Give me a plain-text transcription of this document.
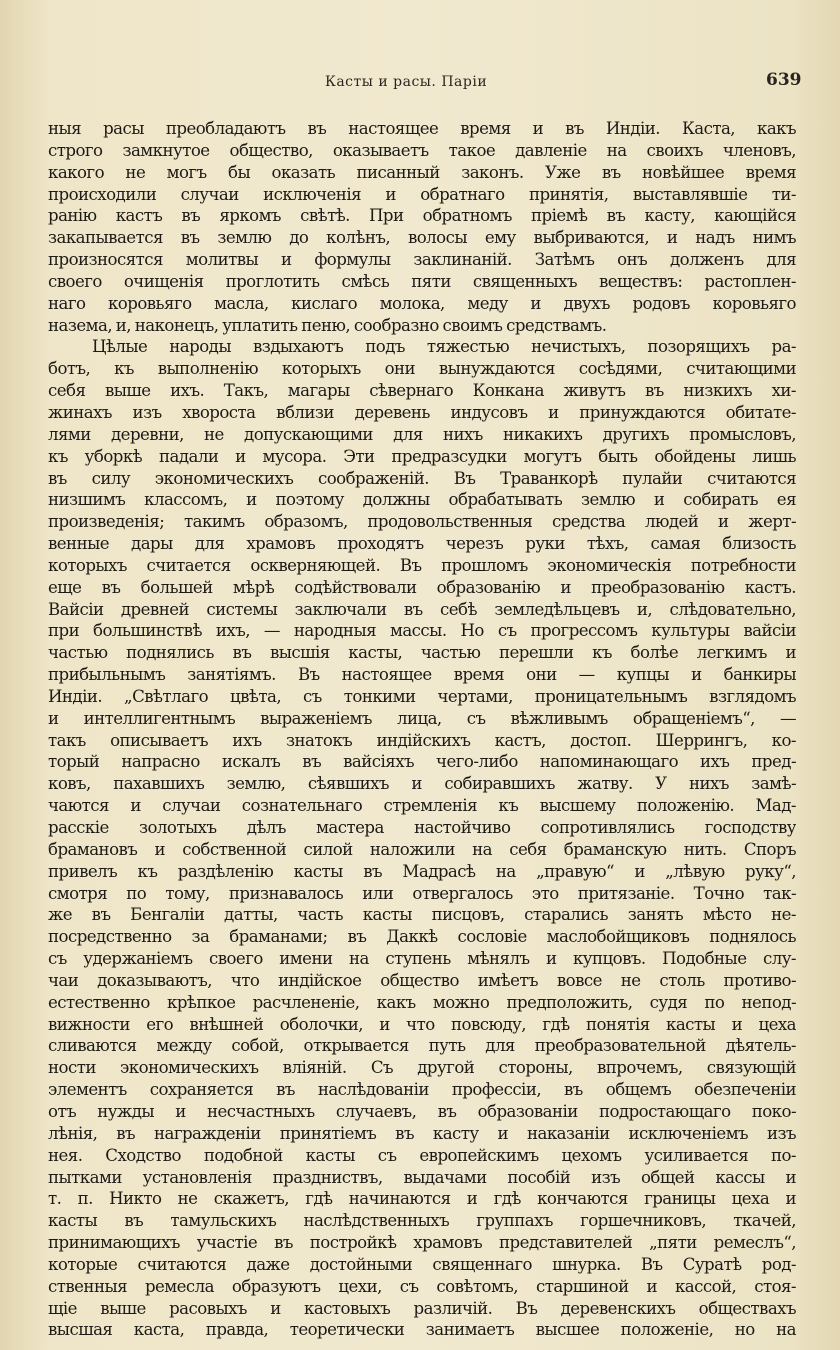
Касты и расы. Парiи	639
ныя расы преобладаютъ въ настоящее время и въ Индiи. Каста, какъ
строго замкнутое общество, оказываетъ такое давленiе на своихъ членовъ,
какого не могъ бы оказать писанный законъ. Уже въ новѣйшее время
происходили случаи исключенiя и обратнаго принятiя, выставлявшiе ти-
ранiю кастъ въ яркомъ свѣтѣ. При обратномъ прiемѣ въ касту, кающiйся
закапывается въ землю до колѣнъ, волосы ему выбриваются, и надъ нимъ
произносятся молитвы и формулы заклинанiй. Затѣмъ онъ долженъ для
своего очищенiя проглотить смѣсь пяти священныхъ веществъ: растоплен-
наго коровьяго масла, кислаго молока, меду и двухъ родовъ коровьяго
назема, и, наконецъ, уплатить пеню, сообразно своимъ средствамъ.
Цѣлые народы вздыхаютъ подъ тяжестью нечистыхъ, позорящихъ ра-
ботъ, къ выполненiю которыхъ они вынуждаются сосѣдями, считающими
себя выше ихъ. Такъ, магары сѣвернаго Конкана живутъ въ низкихъ хи-
жинахъ изъ хвороста вблизи деревень индусовъ и принуждаются обитате-
лями деревни, не допускающими для нихъ никакихъ другихъ промысловъ,
къ уборкѣ падали и мусора. Эти предразсудки могутъ быть обойдены лишь
въ силу экономическихъ соображенiй. Въ Траванкорѣ пулайи считаются
низшимъ классомъ, и поэтому должны обрабатывать землю и собирать ея
произведенiя; такимъ образомъ, продовольственныя средства людей и жерт-
венные дары для храмовъ проходятъ черезъ руки тѣхъ, самая близость
которыхъ считается оскверняющей. Въ прошломъ экономическiя потребности
еще въ большей мѣрѣ содѣйствовали образованiю и преобразованiю кастъ.
Вайсiи древней системы заключали въ себѣ земледѣльцевъ и, слѣдовательно,
при большинствѣ ихъ, — народныя массы. Но съ прогрессомъ культуры вайсiи
частью поднялись въ высшiя касты, частью перешли къ болѣе легкимъ и
прибыльнымъ занятiямъ. Въ настоящее время они — купцы и банкиры
Индiи. „Свѣтлаго цвѣта, съ тонкими чертами, проницательнымъ взглядомъ
и интеллигентнымъ выраженiемъ лица, съ вѣжливымъ обращенiемъ“, —
такъ описываетъ ихъ знатокъ индiйскихъ кастъ, достоп. Шеррингъ, ко-
торый напрасно искалъ въ вайсiяхъ чего-либо напоминающаго ихъ пред-
ковъ, пахавшихъ землю, сѣявшихъ и собиравшихъ жатву. У нихъ замѣ-
чаются и случаи сознательнаго стремленiя къ высшему положенiю. Мад-
расскiе золотыхъ дѣлъ мастера настойчиво сопротивлялись господству
брамановъ и собственной силой наложили на себя браманскую нить. Споръ
привелъ къ раздѣленiю касты въ Мадрасѣ на „правую“ и „лѣвую руку“,
смотря по тому, признавалось или отвергалось это притязанiе. Точно так-
же въ Бенгалiи датты, часть касты писцовъ, старались занять мѣсто не-
посредственно за браманами; въ Даккѣ сословiе маслобойщиковъ поднялось
съ удержанiемъ своего имени на ступень мѣнялъ и купцовъ. Подобные слу-
чаи доказываютъ, что индiйское общество имѣетъ вовсе не столь противо-
естественно крѣпкое расчлененiе, какъ можно предположить, судя по непод-
вижности его внѣшней оболочки, и что повсюду, гдѣ понятiя касты и цеха
сливаются между собой, открывается путь для преобразовательной дѣятель-
ности экономическихъ влiянiй. Съ другой стороны, впрочемъ, связующiй
элементъ сохраняется въ наслѣдованiи профессiи, въ общемъ обезпеченiи
отъ нужды и несчастныхъ случаевъ, въ образованiи подростающаго поко-
лѣнiя, въ награжденiи принятiемъ въ касту и наказанiи исключенiемъ изъ
нея. Сходство подобной касты съ европейскимъ цехомъ усиливается по-
пытками установленiя праздниствъ, выдачами пособiй изъ общей кассы и
т. п. Никто не скажетъ, гдѣ начинаются и гдѣ кончаются границы цеха и
касты въ тамульскихъ наслѣдственныхъ группахъ горшечниковъ, ткачей,
принимающихъ участiе въ постройкѣ храмовъ представителей „пяти ремеслъ“,
которые считаются даже достойными священнаго шнурка. Въ Суратѣ род-
ственныя ремесла образуютъ цехи, съ совѣтомъ, старшиной и кассой, стоя-
щiе выше расовыхъ и кастовыхъ различiй. Въ деревенскихъ обществахъ
высшая каста, правда, теоретически занимаетъ высшее положенiе, но на
